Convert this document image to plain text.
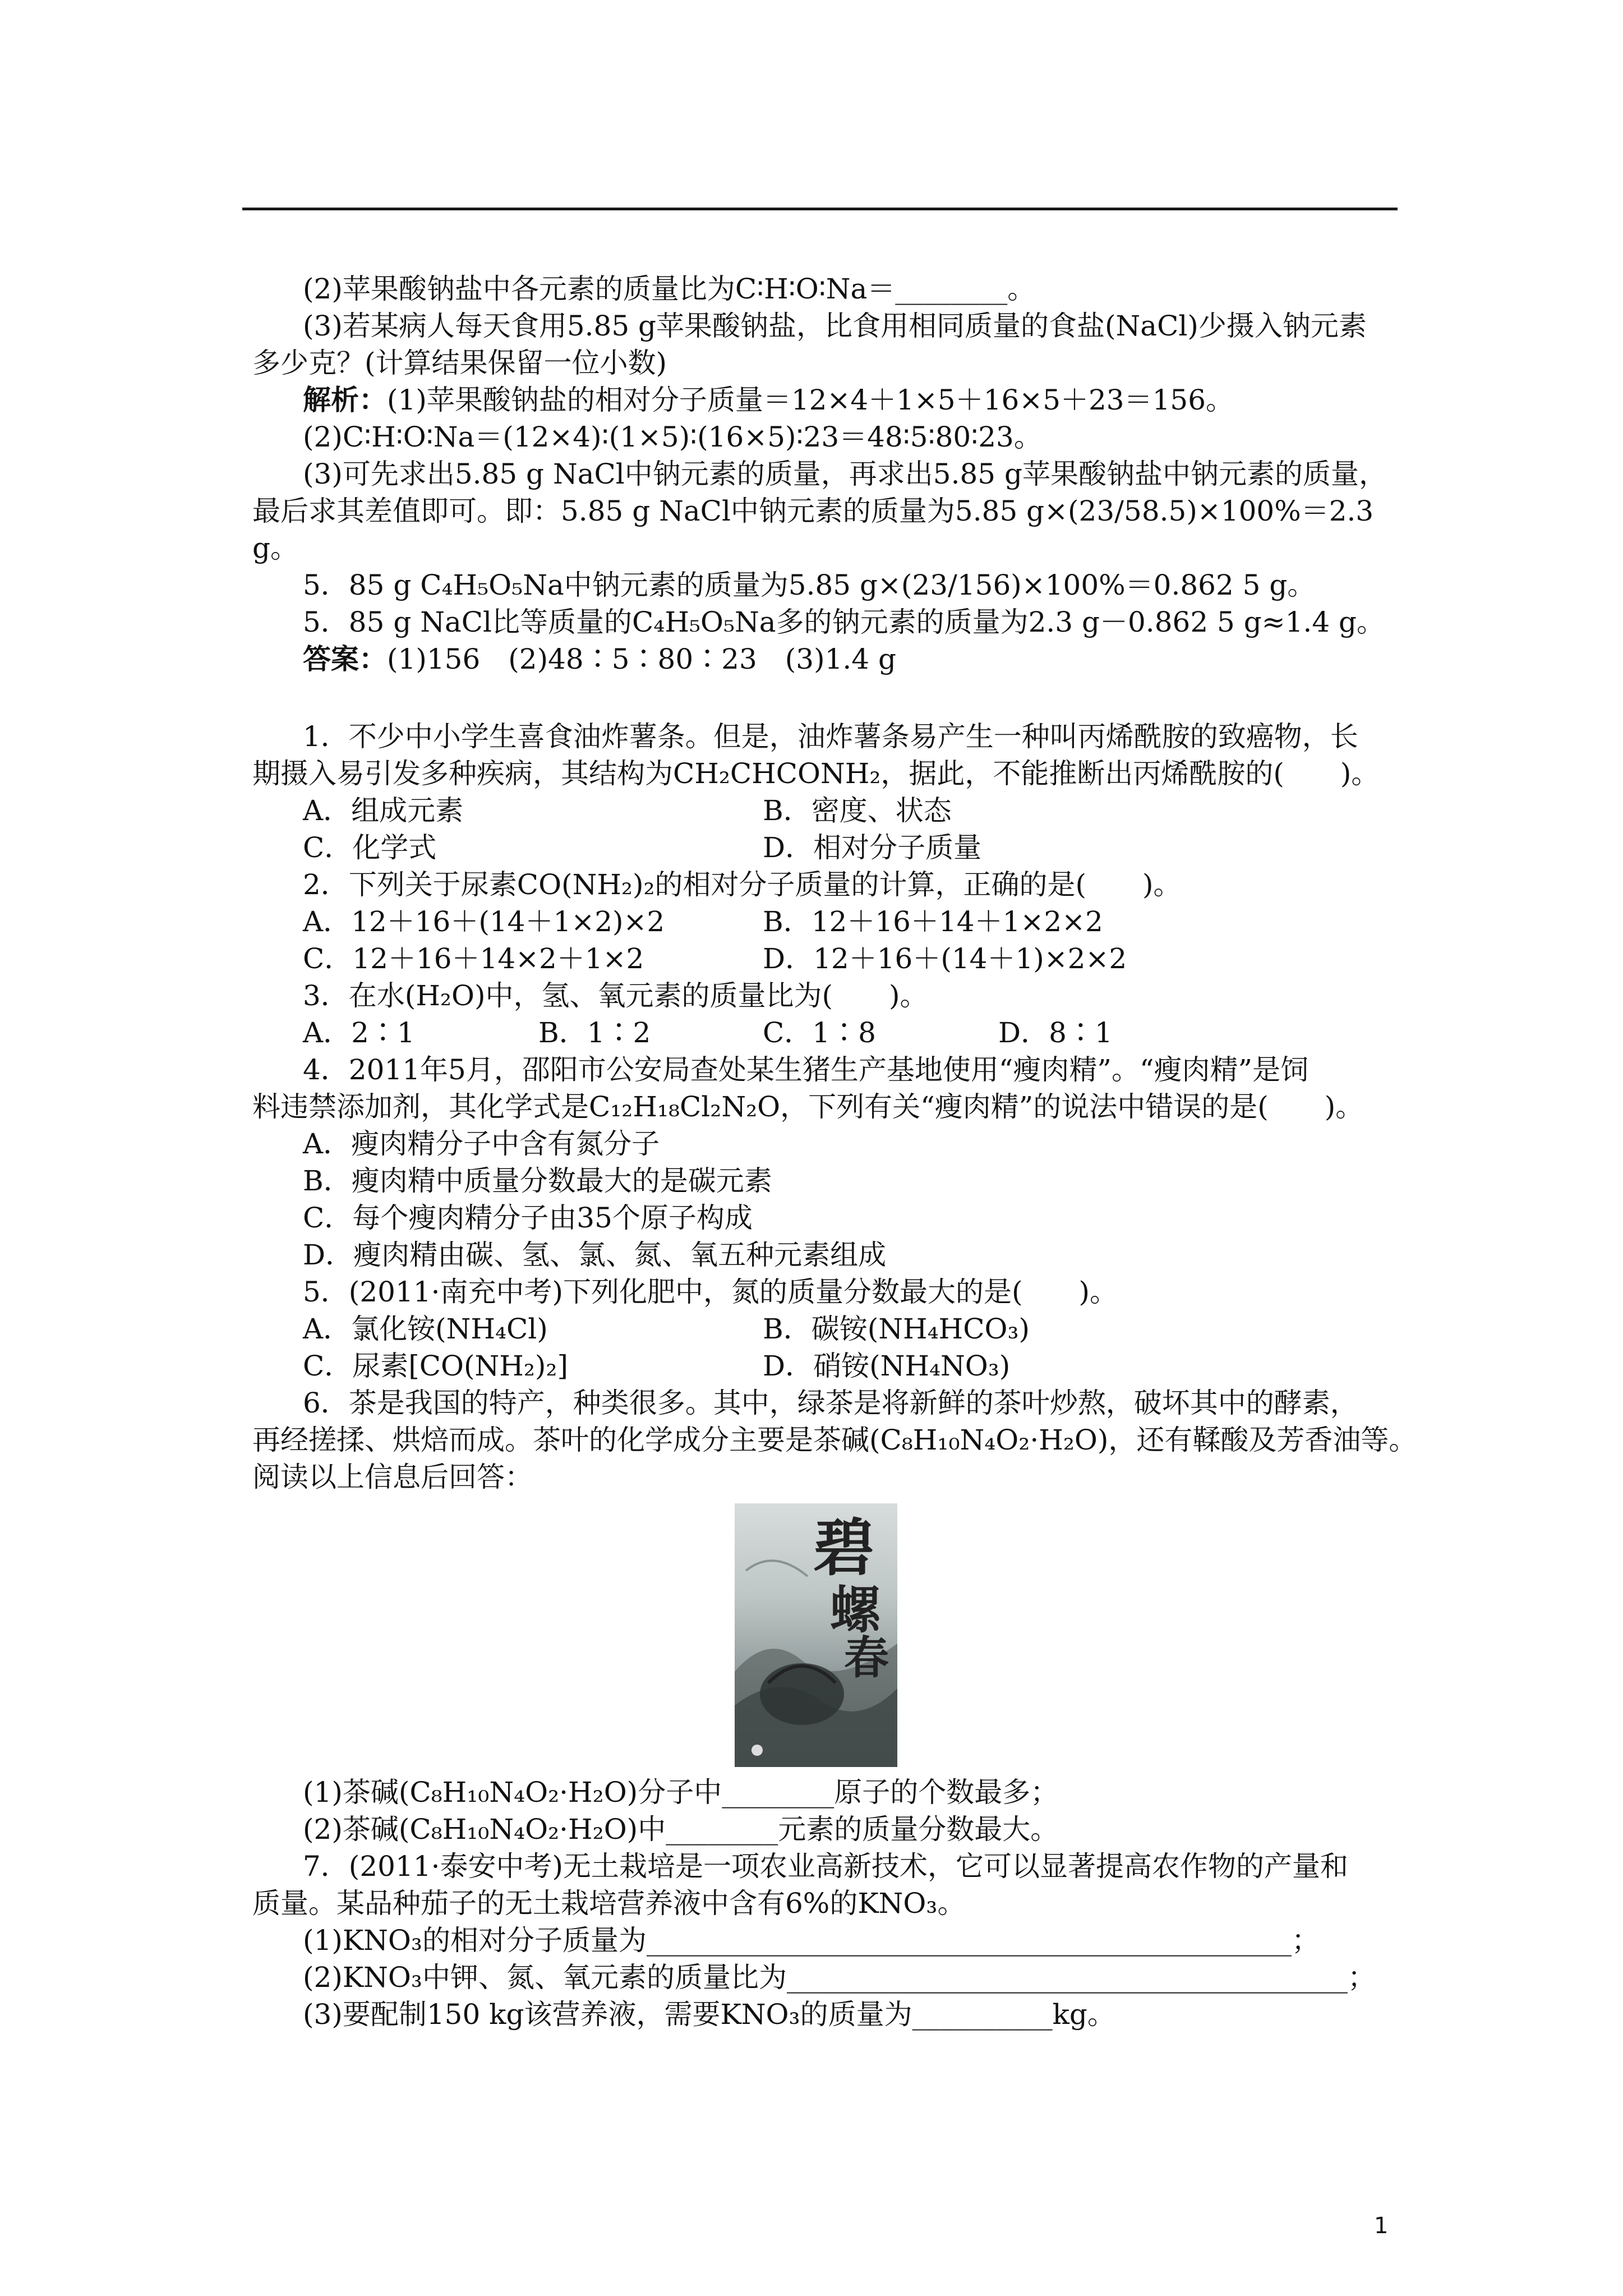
(2)苹果酸钠盐中各元素的质量比为C∶H∶O∶Na＝________。
(3)若某病人每天食用5.85 g苹果酸钠盐，比食用相同质量的食盐(NaCl)少摄入钠元素
多少克？(计算结果保留一位小数)
解析：(1)苹果酸钠盐的相对分子质量＝12×4＋1×5＋16×5＋23＝156。
(2)C∶H∶O∶Na＝(12×4)∶(1×5)∶(16×5)∶23＝48∶5∶80∶23。
(3)可先求出5.85 g NaCl中钠元素的质量，再求出5.85 g苹果酸钠盐中钠元素的质量，
最后求其差值即可。即：5.85 g NaCl中钠元素的质量为5.85 g×(23/58.5)×100%＝2.3
g。
5．85 g C₄H₅O₅Na中钠元素的质量为5.85 g×(23/156)×100%＝0.862 5 g。
5．85 g NaCl比等质量的C₄H₅O₅Na多的钠元素的质量为2.3 g－0.862 5 g≈1.4 g。
答案：(1)156　(2)48∶5∶80∶23　(3)1.4 g
1．不少中小学生喜食油炸薯条。但是，油炸薯条易产生一种叫丙烯酰胺的致癌物，长
期摄入易引发多种疾病，其结构为CH₂CHCONH₂，据此，不能推断出丙烯酰胺的(　　)。
A．组成元素	B．密度、状态
C．化学式	D．相对分子质量
2．下列关于尿素CO(NH₂)₂的相对分子质量的计算，正确的是(　　)。
A．12＋16＋(14＋1×2)×2	B．12＋16＋14＋1×2×2
C．12＋16＋14×2＋1×2	D．12＋16＋(14＋1)×2×2
3．在水(H₂O)中，氢、氧元素的质量比为(　　)。
A．2∶1	B．1∶2	C．1∶8	D．8∶1
4．2011年5月，邵阳市公安局查处某生猪生产基地使用“瘦肉精”。“瘦肉精”是饲
料违禁添加剂，其化学式是C₁₂H₁₈Cl₂N₂O，下列有关“瘦肉精”的说法中错误的是(　　)。
A．瘦肉精分子中含有氮分子
B．瘦肉精中质量分数最大的是碳元素
C．每个瘦肉精分子由35个原子构成
D．瘦肉精由碳、氢、氯、氮、氧五种元素组成
5．(2011·南充中考)下列化肥中，氮的质量分数最大的是(　　)。
A．氯化铵(NH₄Cl)	B．碳铵(NH₄HCO₃)
C．尿素[CO(NH₂)₂]	D．硝铵(NH₄NO₃)
6．茶是我国的特产，种类很多。其中，绿茶是将新鲜的茶叶炒熬，破坏其中的酵素，
再经搓揉、烘焙而成。茶叶的化学成分主要是茶碱(C₈H₁₀N₄O₂·H₂O)，还有鞣酸及芳香油等。
阅读以上信息后回答：
碧
螺
春
(1)茶碱(C₈H₁₀N₄O₂·H₂O)分子中________原子的个数最多；
(2)茶碱(C₈H₁₀N₄O₂·H₂O)中________元素的质量分数最大。
7．(2011·泰安中考)无土栽培是一项农业高新技术，它可以显著提高农作物的产量和
质量。某品种茄子的无土栽培营养液中含有6%的KNO₃。
(1)KNO₃的相对分子质量为______________________________________________；
(2)KNO₃中钾、氮、氧元素的质量比为________________________________________；
(3)要配制150 kg该营养液，需要KNO₃的质量为__________kg。
1
